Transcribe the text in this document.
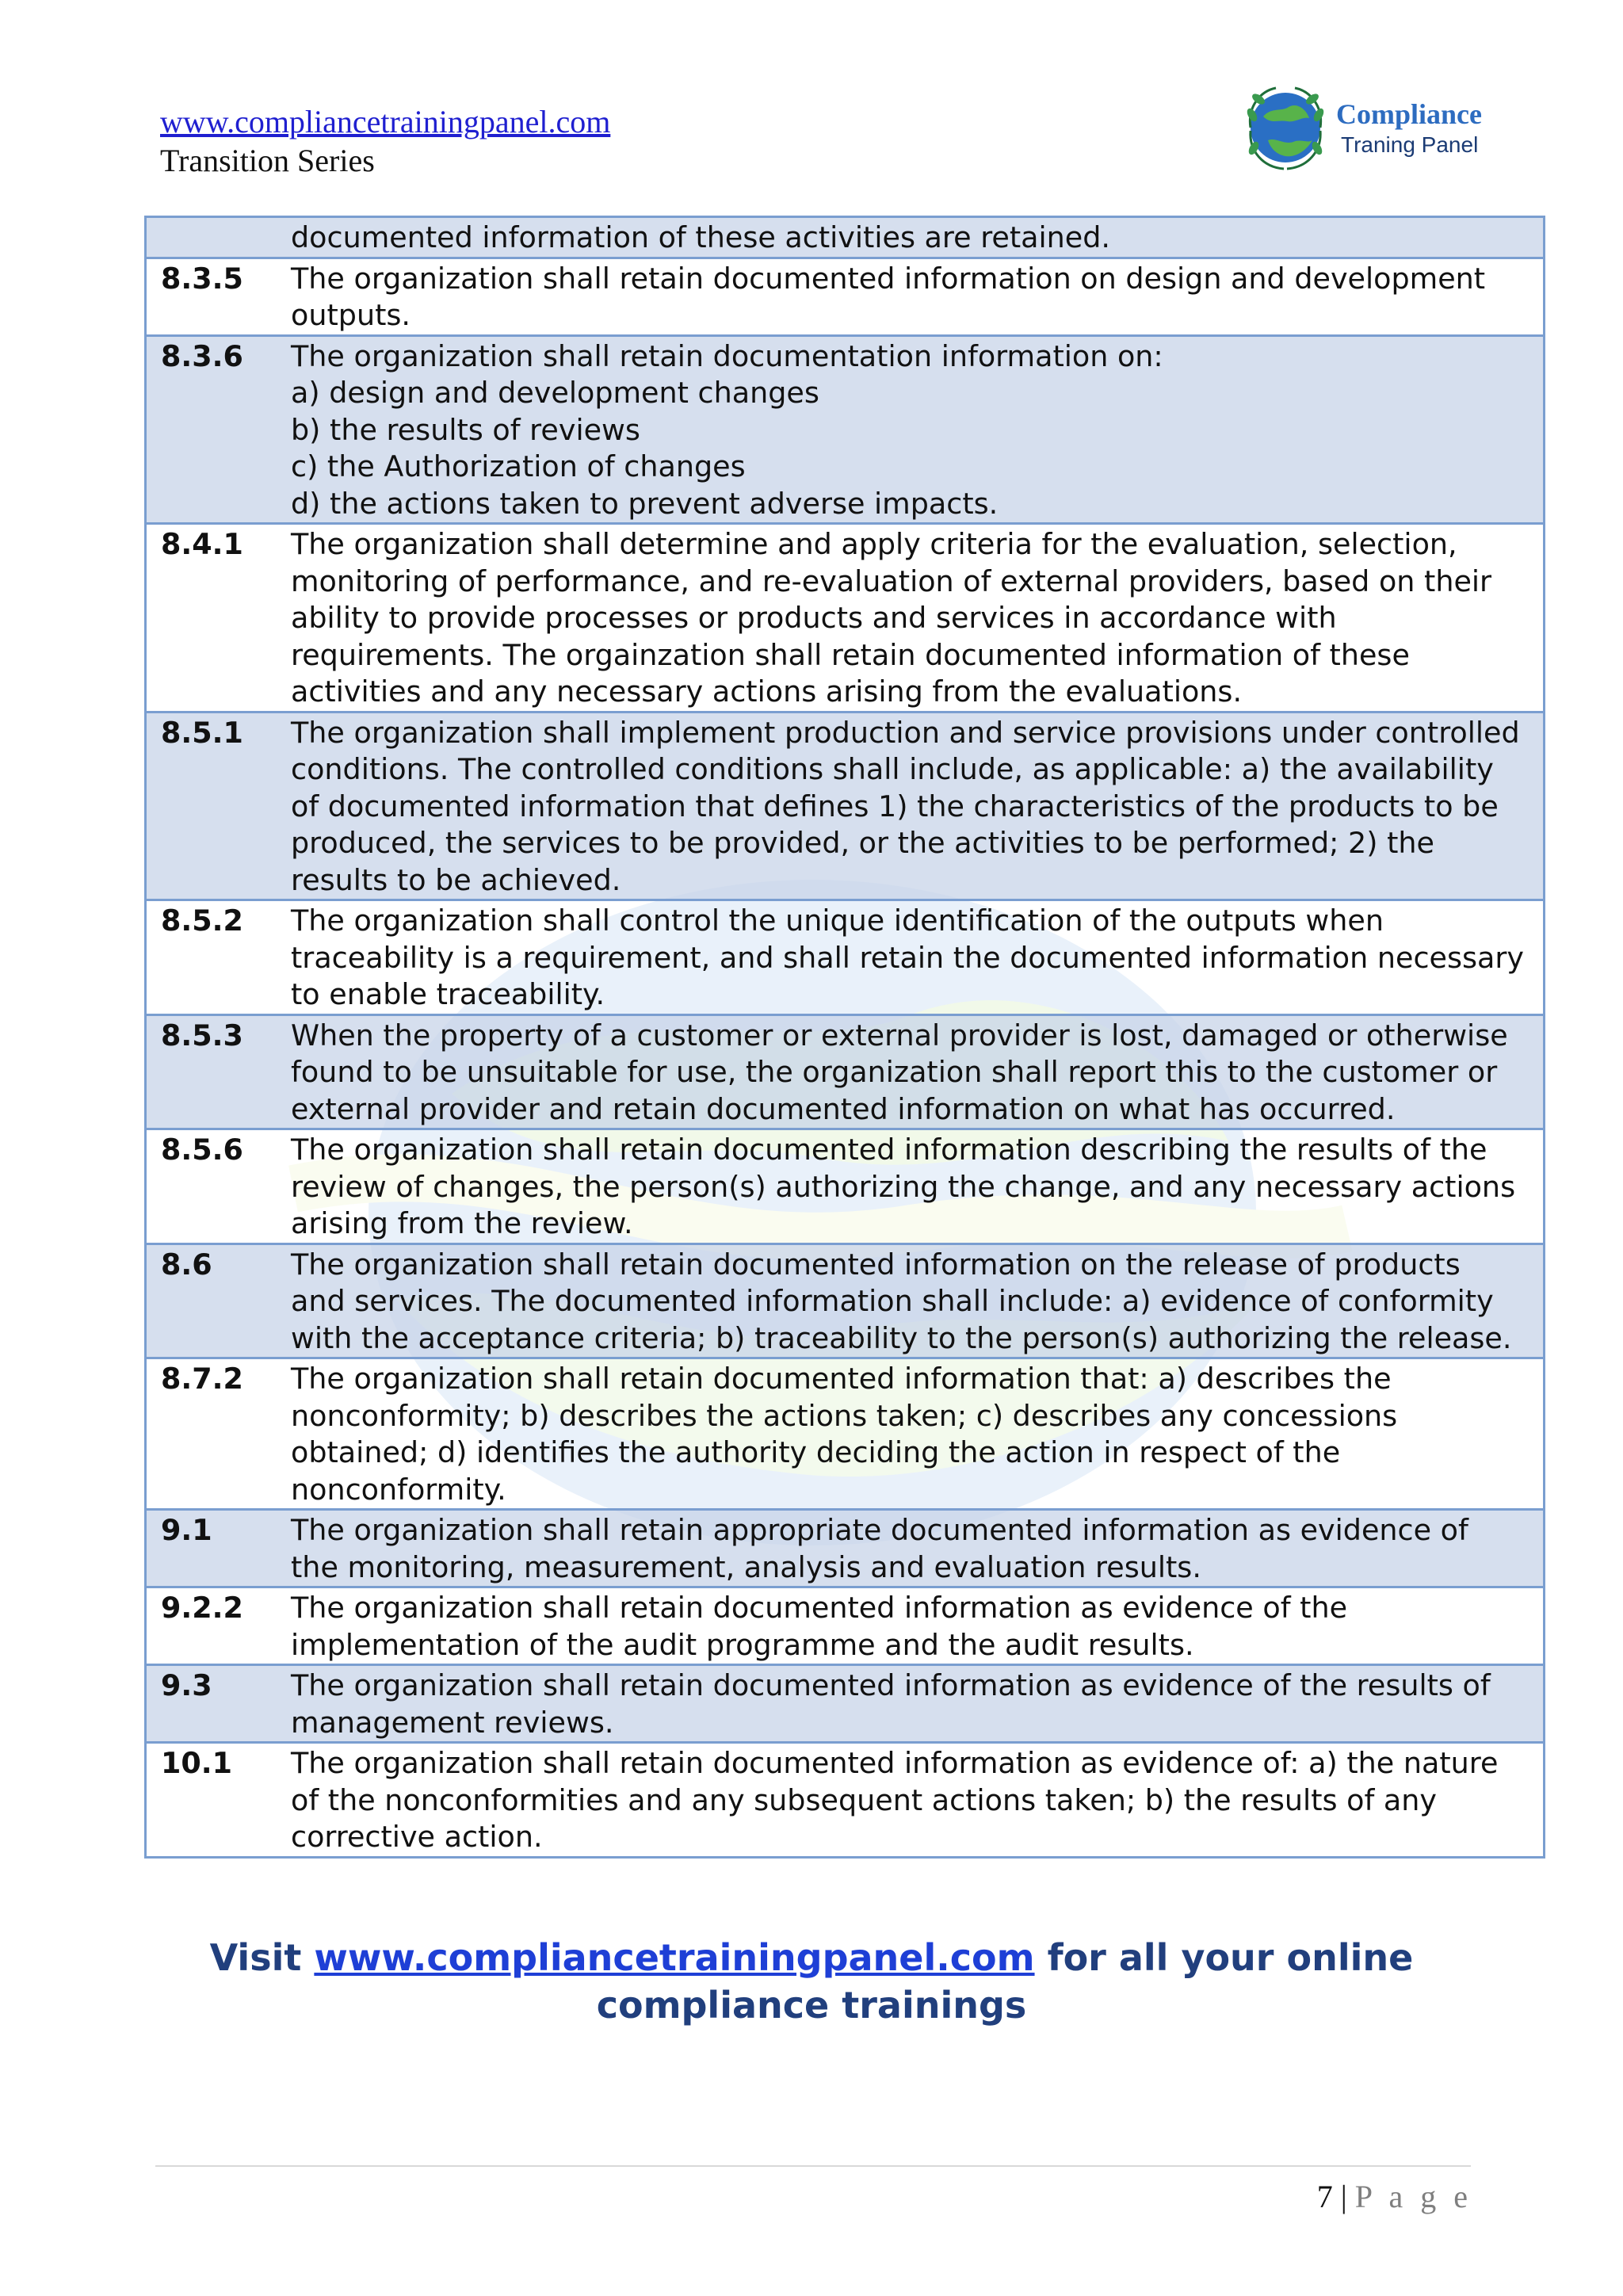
www.compliancetrainingpanel.com
Transition Series
Compliance
Traning Panel

	documented information of these activities are retained.

8.3.5	The organization shall retain documented information on design and development
outputs.

8.3.6	The organization shall retain documentation information on:
a) design and development changes
b) the results of reviews
c) the Authorization of changes
d) the actions taken to prevent adverse impacts.

8.4.1	The organization shall determine and apply criteria for the evaluation, selection,
monitoring of performance, and re-evaluation of external providers, based on their
ability to provide processes or products and services in accordance with
requirements. The orgainzation shall retain documented information of these
activities and any necessary actions arising from the evaluations.

8.5.1	The organization shall implement production and service provisions under controlled
conditions. The controlled conditions shall include, as applicable: a) the availability
of documented information that defines 1) the characteristics of the products to be
produced, the services to be provided, or the activities to be performed; 2) the
results to be achieved.

8.5.2	The organization shall control the unique identification of the outputs when
traceability is a requirement, and shall retain the documented information necessary
to enable traceability.

8.5.3	When the property of a customer or external provider is lost, damaged or otherwise
found to be unsuitable for use, the organization shall report this to the customer or
external provider and retain documented information on what has occurred.

8.5.6	The organization shall retain documented information describing the results of the
review of changes, the person(s) authorizing the change, and any necessary actions
arising from the review.

8.6	The organization shall retain documented information on the release of products
and services. The documented information shall include: a) evidence of conformity
with the acceptance criteria; b) traceability to the person(s) authorizing the release.

8.7.2	The organization shall retain documented information that: a) describes the
nonconformity; b) describes the actions taken; c) describes any concessions
obtained; d) identifies the authority deciding the action in respect of the
nonconformity.

9.1	The organization shall retain appropriate documented information as evidence of
the monitoring, measurement, analysis and evaluation results.

9.2.2	The organization shall retain documented information as evidence of the
implementation of the audit programme and the audit results.

9.3	The organization shall retain documented information as evidence of the results of
management reviews.

10.1	The organization shall retain documented information as evidence of: a) the nature
of the nonconformities and any subsequent actions taken; b) the results of any
corrective action.
Visit www.compliancetrainingpanel.com for all your online
compliance trainings
7 | P a g e
